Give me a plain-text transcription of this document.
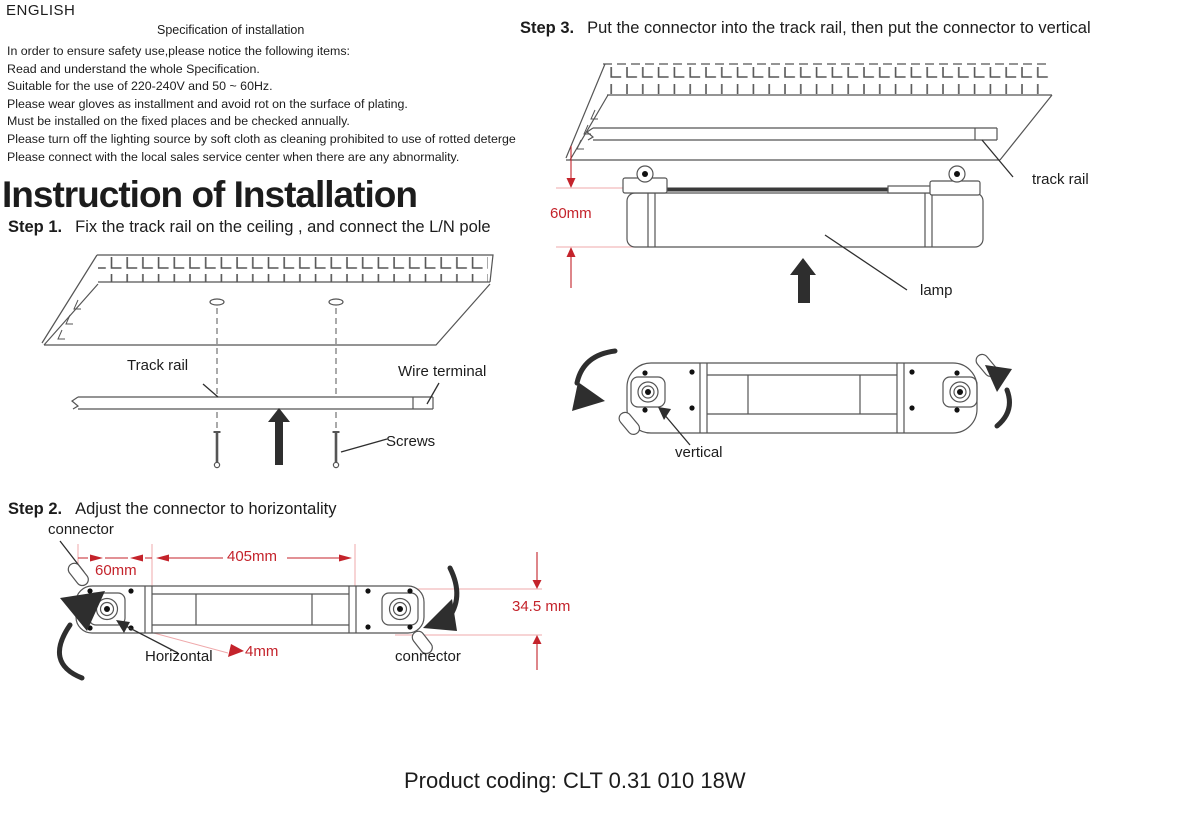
ENGLISH
Specification of installation
In order to ensure safety use,please notice the following items:
Read and understand the whole Specification.
Suitable for the use of 220-240V and 50 ~ 60Hz.
Please wear gloves as installment and avoid rot on the surface of plating.
Must be installed on the fixed places and be checked annually.
Please turn off the lighting source by soft cloth as cleaning prohibited to use of rotted deterge
Please connect with the local sales service center when there are any abnormality.
Instruction of Installation
Step 1. Fix the track rail on the ceiling , and connect the L/N pole
Track rail	Wire terminal
Screws
Step 2. Adjust the connector to horizontality
connector
60mm
405mm
4mm
34.5 mm
Horizontal	connector
Step 3. Put the connector into the track rail, then put the connector to vertical
60mm
track rail
lamp
vertical
Product coding: CLT 0.31 010 18W
